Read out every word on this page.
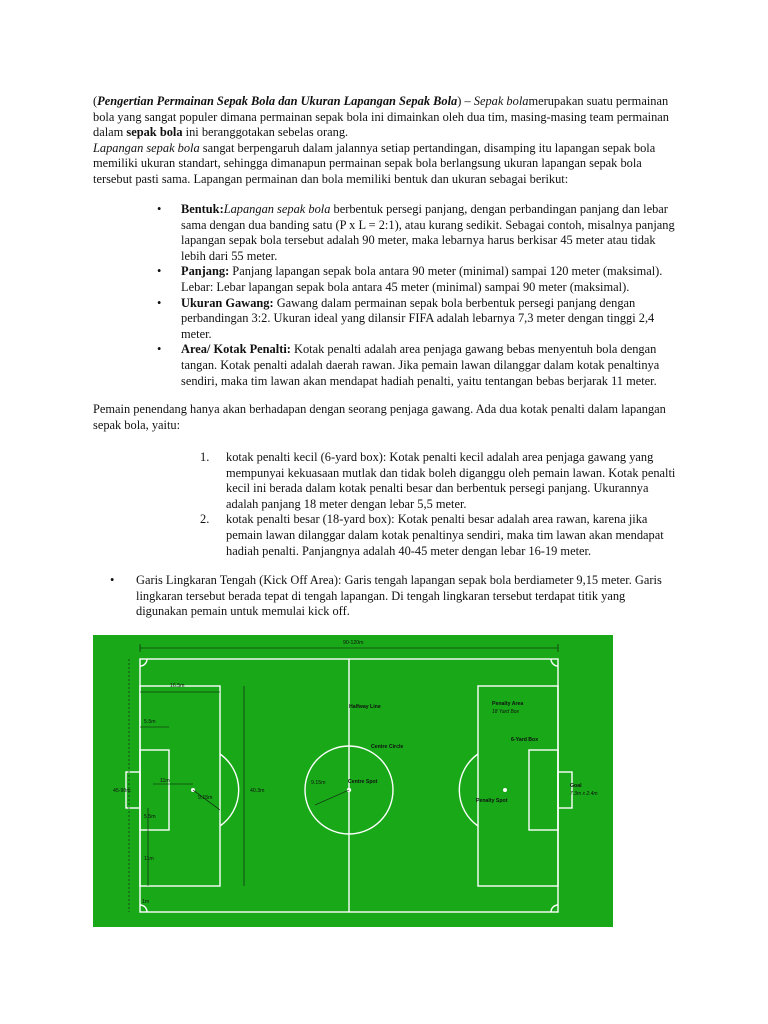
(Pengertian Permainan Sepak Bola dan Ukuran Lapangan Sepak Bola) – Sepak bolamerupakan suatu permainan
bola yang sangat populer dimana permainan sepak bola ini dimainkan oleh dua tim, masing-masing team permainan
dalam sepak bola ini beranggotakan sebelas orang.
Lapangan sepak bola sangat berpengaruh dalam jalannya setiap pertandingan, disamping itu lapangan sepak bola
memiliki ukuran standart, sehingga dimanapun permainan sepak bola berlangsung ukuran lapangan sepak bola
tersebut pasti sama. Lapangan permainan dan bola memiliki bentuk dan ukuran sebagai berikut:
• Bentuk:Lapangan sepak bola berbentuk persegi panjang, dengan perbandingan panjang dan lebar sama dengan dua banding satu (P x L = 2:1), atau kurang sedikit. Sebagai contoh, misalnya panjang lapangan sepak bola tersebut adalah 90 meter, maka lebarnya harus berkisar 45 meter atau tidak lebih dari 55 meter.
• Panjang: Panjang lapangan sepak bola antara 90 meter (minimal) sampai 120 meter (maksimal). Lebar: Lebar lapangan sepak bola antara 45 meter (minimal) sampai 90 meter (maksimal).
• Ukuran Gawang: Gawang dalam permainan sepak bola berbentuk persegi panjang dengan perbandingan 3:2. Ukuran ideal yang dilansir FIFA adalah lebarnya 7,3 meter dengan tinggi 2,4 meter.
• Area/ Kotak Penalti: Kotak penalti adalah area penjaga gawang bebas menyentuh bola dengan tangan. Kotak penalti adalah daerah rawan. Jika pemain lawan dilanggar dalam kotak penaltinya sendiri, maka tim lawan akan mendapat hadiah penalti, yaitu tentangan bebas berjarak 11 meter.

Pemain penendang hanya akan berhadapan dengan seorang penjaga gawang. Ada dua kotak penalti dalam lapangan sepak bola, yaitu:

1. kotak penalti kecil (6-yard box): Kotak penalti kecil adalah area penjaga gawang yang mempunyai kekuasaan mutlak dan tidak boleh diganggu oleh pemain lawan. Kotak penalti kecil ini berada dalam kotak penalti besar dan berbentuk persegi panjang. Ukurannya adalah panjang 18 meter dengan lebar 5,5 meter.
2. kotak penalti besar (18-yard box): Kotak penalti besar adalah area rawan, karena jika pemain lawan dilanggar dalam kotak penaltinya sendiri, maka tim lawan akan mendapat hadiah penalti. Panjangnya adalah 40-45 meter dengan lebar 16-19 meter.
• Garis Lingkaran Tengah (Kick Off Area): Garis tengah lapangan sepak bola berdiameter 9,15 meter. Garis lingkaran tersebut berada tepat di tengah lapangan. Di tengah lingkaran tersebut terdapat titik yang digunakan pemain untuk memulai kick off.
90-120m
45-90m
16.5m
5.5m
11m
9.15m
40.3m
5.5m
11m
1m
Halfway Line
Centre Circle
Centre Spot
9.15m
Penalty Area
18 Yard Box
6-Yard Box
Penalty Spot
Goal
7.3m x 2.4m
